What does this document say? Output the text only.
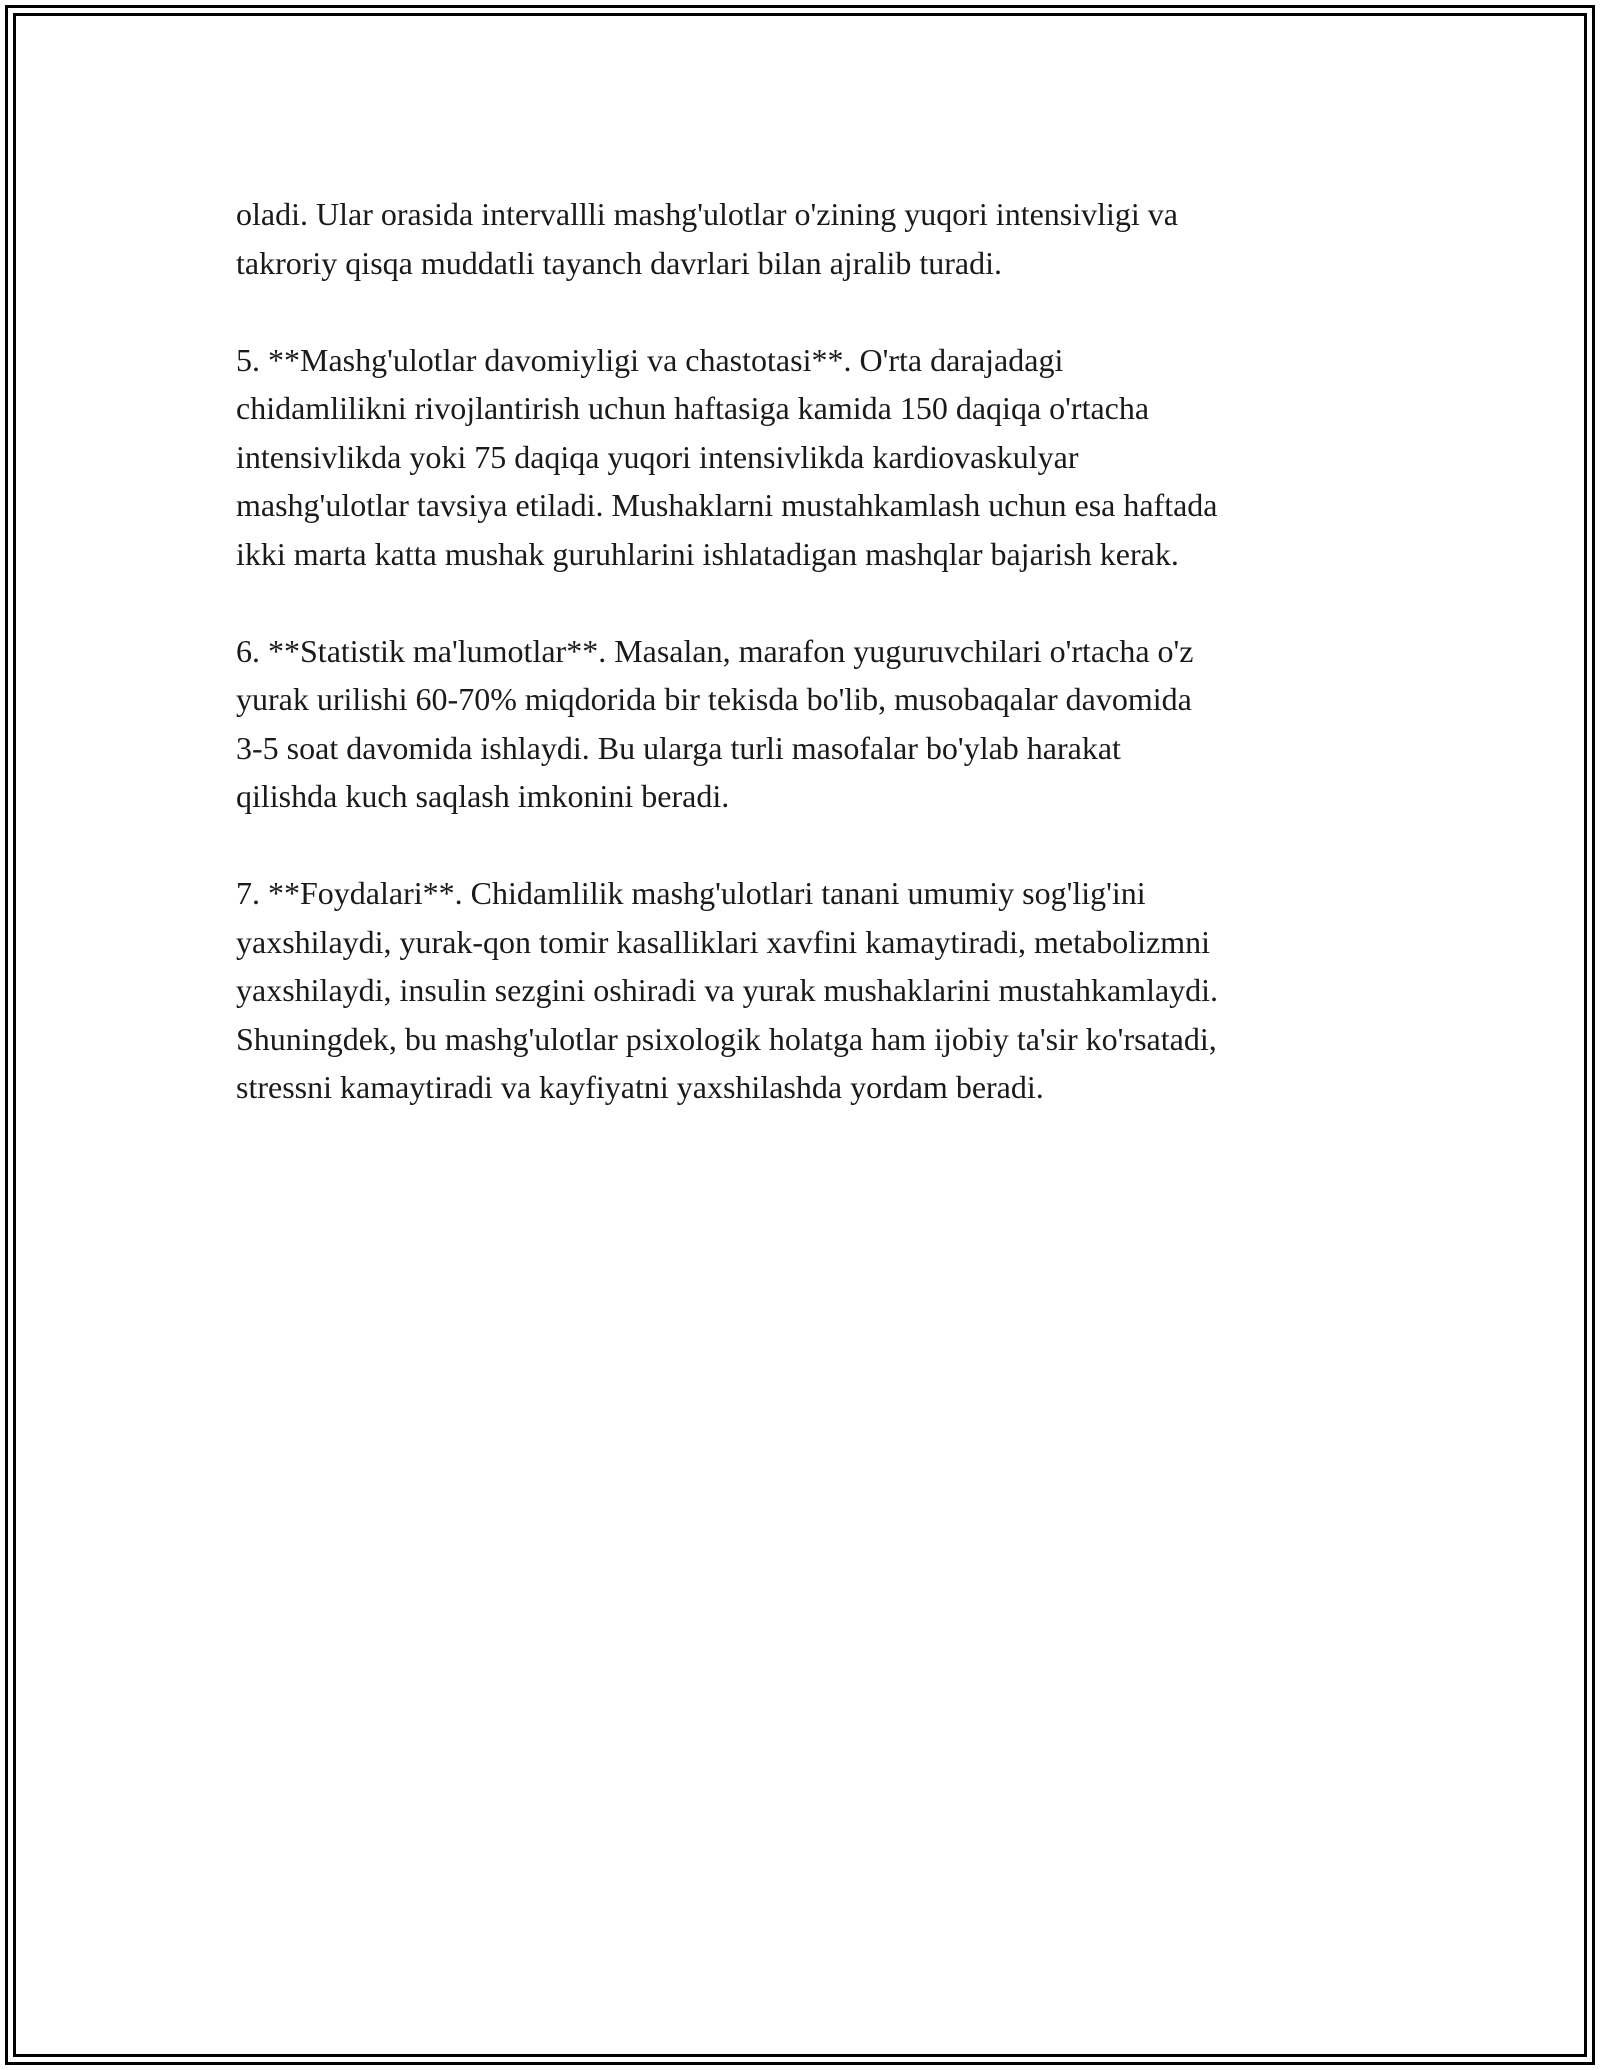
oladi. Ular orasida intervallli mashg'ulotlar o'zining yuqori intensivligi va
takroriy qisqa muddatli tayanch davrlari bilan ajralib turadi.

5. **Mashg'ulotlar davomiyligi va chastotasi**. O'rta darajadagi
chidamlilikni rivojlantirish uchun haftasiga kamida 150 daqiqa o'rtacha
intensivlikda yoki 75 daqiqa yuqori intensivlikda kardiovaskulyar
mashg'ulotlar tavsiya etiladi. Mushaklarni mustahkamlash uchun esa haftada
ikki marta katta mushak guruhlarini ishlatadigan mashqlar bajarish kerak.

6. **Statistik ma'lumotlar**. Masalan, marafon yuguruvchilari o'rtacha o'z
yurak urilishi 60-70% miqdorida bir tekisda bo'lib, musobaqalar davomida
3-5 soat davomida ishlaydi. Bu ularga turli masofalar bo'ylab harakat
qilishda kuch saqlash imkonini beradi.

7. **Foydalari**. Chidamlilik mashg'ulotlari tanani umumiy sog'lig'ini
yaxshilaydi, yurak-qon tomir kasalliklari xavfini kamaytiradi, metabolizmni
yaxshilaydi, insulin sezgini oshiradi va yurak mushaklarini mustahkamlaydi.
Shuningdek, bu mashg'ulotlar psixologik holatga ham ijobiy ta'sir ko'rsatadi,
stressni kamaytiradi va kayfiyatni yaxshilashda yordam beradi.
